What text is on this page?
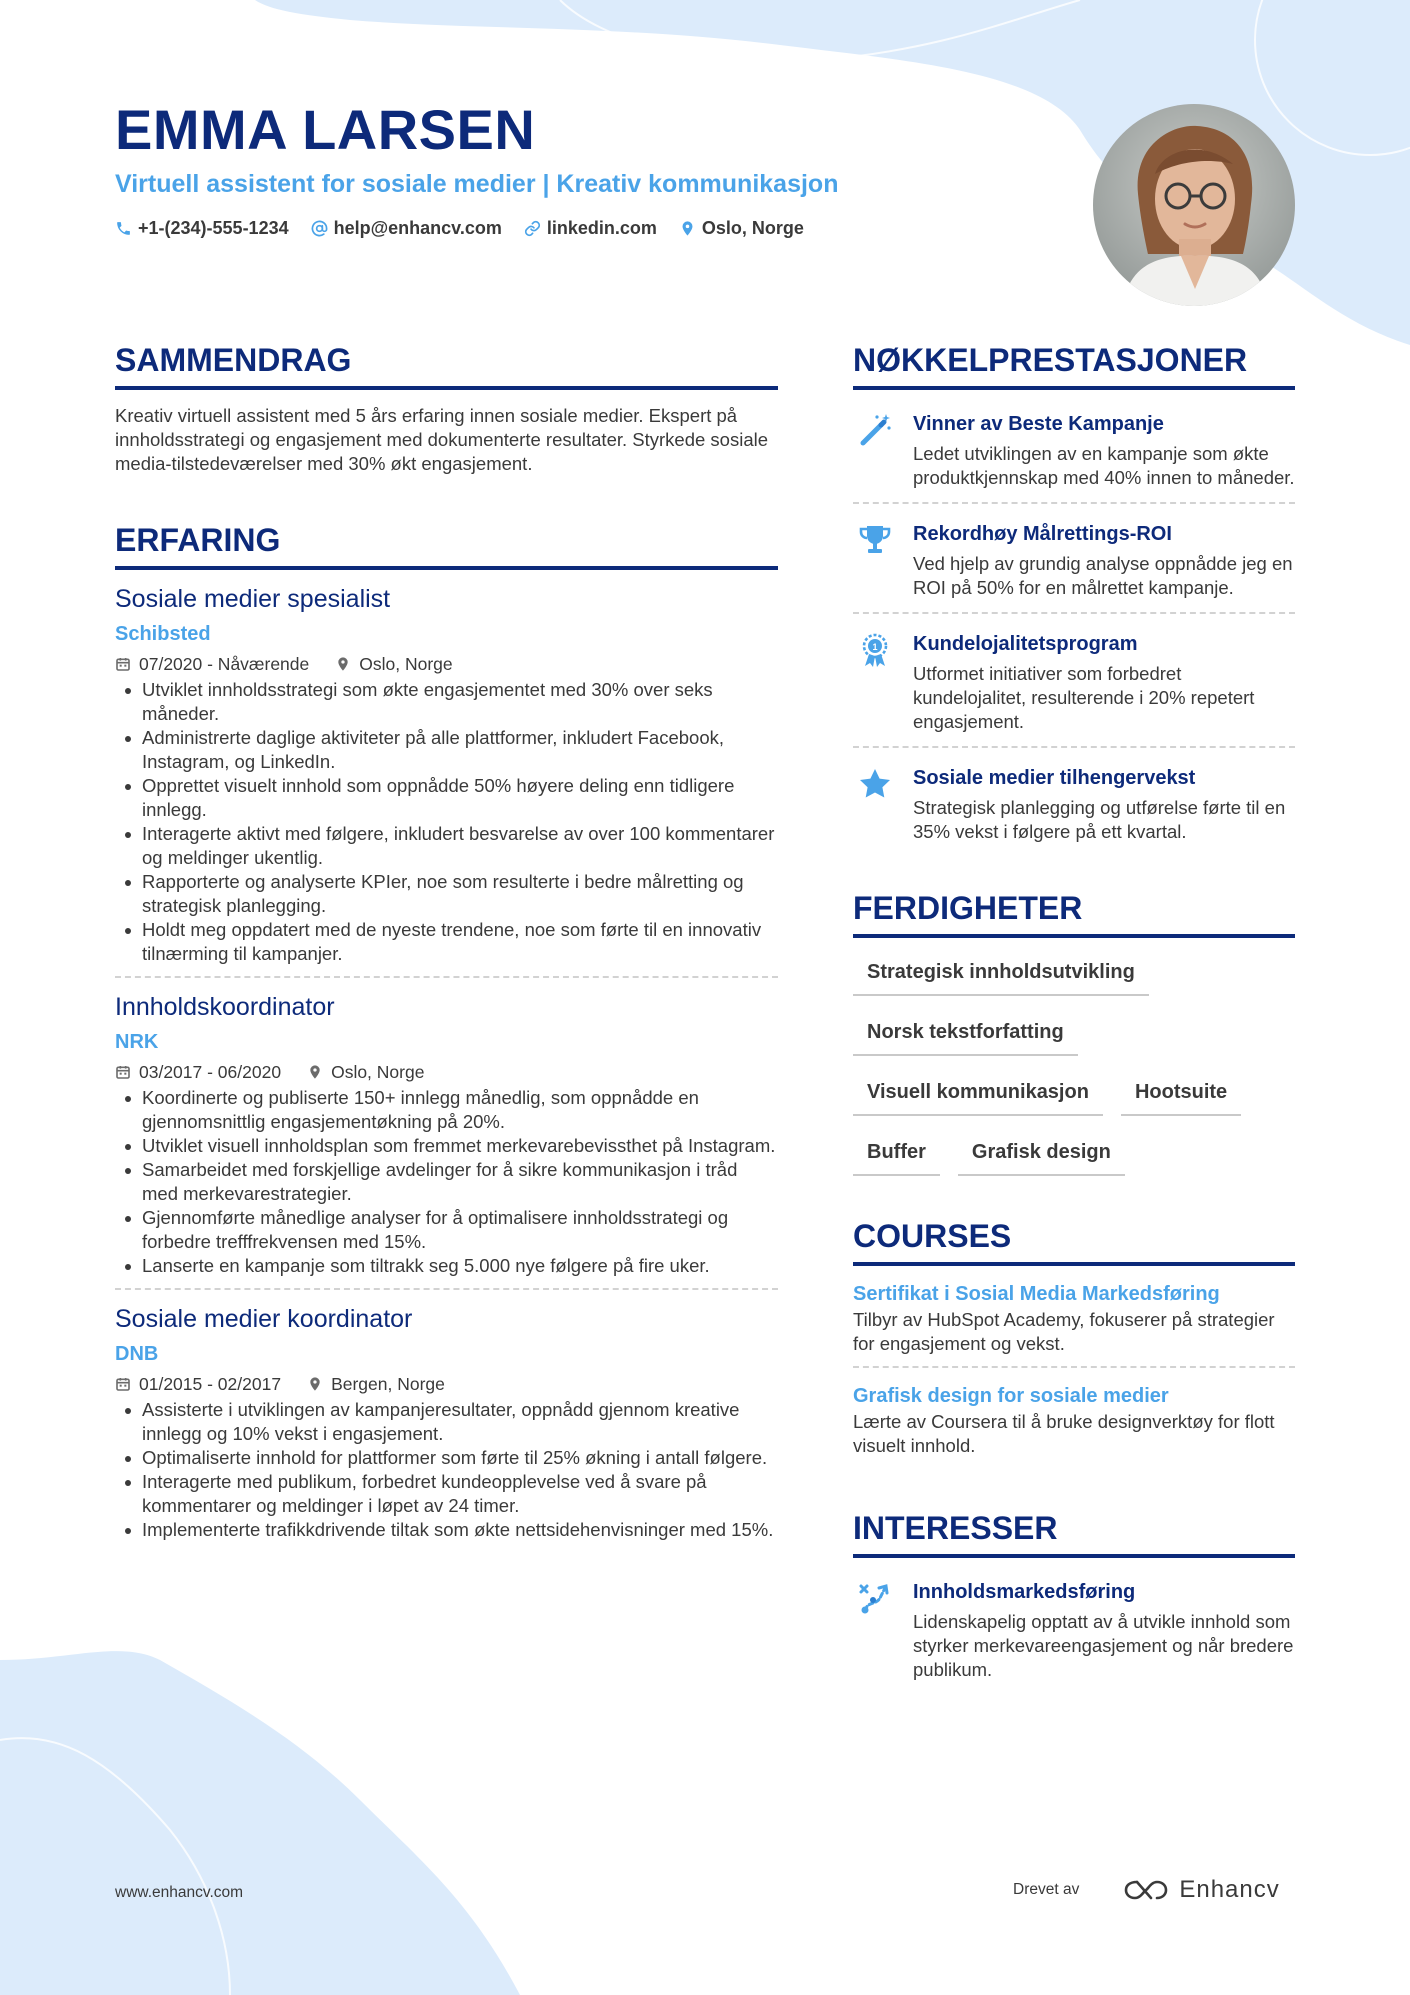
EMMA LARSEN
Virtuell assistent for sosiale medier | Kreativ kommunikasjon
+1-(234)-555-1234	help@enhancv.com	linkedin.com	Oslo, Norge
SAMMENDRAG

Kreativ virtuell assistent med 5 års erfaring innen sosiale medier. Ekspert på innholdsstrategi og engasjement med dokumenterte resultater. Styrkede sosiale media-tilstedeværelser med 30% økt engasjement.

ERFARING
Sosiale medier spesialist
Schibsted
07/2020 - Nåværende	Oslo, Norge
Utviklet innholdsstrategi som økte engasjementet med 30% over seks måneder.
Administrerte daglige aktiviteter på alle plattformer, inkludert Facebook, Instagram, og LinkedIn.
Opprettet visuelt innhold som oppnådde 50% høyere deling enn tidligere innlegg.
Interagerte aktivt med følgere, inkludert besvarelse av over 100 kommentarer og meldinger ukentlig.
Rapporterte og analyserte KPIer, noe som resulterte i bedre målretting og strategisk planlegging.
Holdt meg oppdatert med de nyeste trendene, noe som førte til en innovativ tilnærming til kampanjer.
Innholdskoordinator
NRK
03/2017 - 06/2020	Oslo, Norge
Koordinerte og publiserte 150+ innlegg månedlig, som oppnådde en gjennomsnittlig engasjementøkning på 20%.
Utviklet visuell innholdsplan som fremmet merkevarebevissthet på Instagram.
Samarbeidet med forskjellige avdelinger for å sikre kommunikasjon i tråd med merkevarestrategier.
Gjennomførte månedlige analyser for å optimalisere innholdsstrategi og forbedre trefffrekvensen med 15%.
Lanserte en kampanje som tiltrakk seg 5.000 nye følgere på fire uker.
Sosiale medier koordinator
DNB
01/2015 - 02/2017	Bergen, Norge
Assisterte i utviklingen av kampanjeresultater, oppnådd gjennom kreative innlegg og 10% vekst i engasjement.
Optimaliserte innhold for plattformer som førte til 25% økning i antall følgere.
Interagerte med publikum, forbedret kundeopplevelse ved å svare på kommentarer og meldinger i løpet av 24 timer.
Implementerte trafikkdrivende tiltak som økte nettsidehenvisninger med 15%.
NØKKELPRESTASJONER
Vinner av Beste Kampanje
Ledet utviklingen av en kampanje som økte produktkjennskap med 40% innen to måneder.
Rekordhøy Målrettings-ROI
Ved hjelp av grundig analyse oppnådde jeg en ROI på 50% for en målrettet kampanje.
1 Kundelojalitetsprogram
Utformet initiativer som forbedret kundelojalitet, resulterende i 20% repetert engasjement.
Sosiale medier tilhengervekst
Strategisk planlegging og utførelse førte til en 35% vekst i følgere på ett kvartal.
FERDIGHETER
Strategisk innholdsutvikling
Norsk tekstforfatting
Visuell kommunikasjon	Hootsuite
Buffer	Grafisk design
COURSES
Sertifikat i Sosial Media Markedsføring
Tilbyr av HubSpot Academy, fokuserer på strategier for engasjement og vekst.
Grafisk design for sosiale medier
Lærte av Coursera til å bruke designverktøy for flott visuelt innhold.
INTERESSER
Innholdsmarkedsføring
Lidenskapelig opptatt av å utvikle innhold som styrker merkevareengasjement og når bredere publikum.
www.enhancv.com	Drevet av	Enhancv
